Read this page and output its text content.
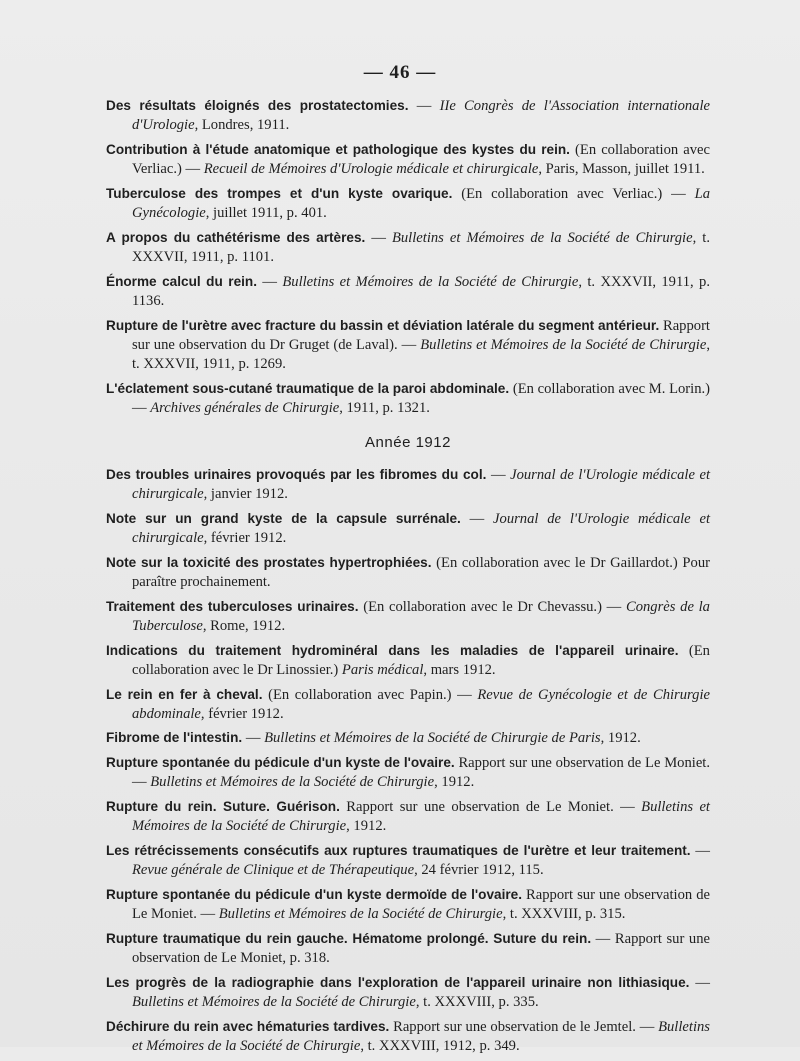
— 46 —

Des résultats éloignés des prostatectomies. — IIe Congrès de l'Association internationale d'Urologie, Londres, 1911.

Contribution à l'étude anatomique et pathologique des kystes du rein. (En collaboration avec Verliac.) — Recueil de Mémoires d'Urologie médicale et chirurgicale, Paris, Masson, juillet 1911.

Tuberculose des trompes et d'un kyste ovarique. (En collaboration avec Verliac.) — La Gynécologie, juillet 1911, p. 401.

A propos du cathétérisme des artères. — Bulletins et Mémoires de la Société de Chirurgie, t. XXXVII, 1911, p. 1101.

Énorme calcul du rein. — Bulletins et Mémoires de la Société de Chirurgie, t. XXXVII, 1911, p. 1136.

Rupture de l'urètre avec fracture du bassin et déviation latérale du segment antérieur. Rapport sur une observation du Dr Gruget (de Laval). — Bulletins et Mémoires de la Société de Chirurgie, t. XXXVII, 1911, p. 1269.

L'éclatement sous-cutané traumatique de la paroi abdominale. (En collaboration avec M. Lorin.) — Archives générales de Chirurgie, 1911, p. 1321.

Année 1912

Des troubles urinaires provoqués par les fibromes du col. — Journal de l'Urologie médicale et chirurgicale, janvier 1912.

Note sur un grand kyste de la capsule surrénale. — Journal de l'Urologie médicale et chirurgicale, février 1912.

Note sur la toxicité des prostates hypertrophiées. (En collaboration avec le Dr Gaillardot.) Pour paraître prochainement.

Traitement des tuberculoses urinaires. (En collaboration avec le Dr Chevassu.) — Congrès de la Tuberculose, Rome, 1912.

Indications du traitement hydrominéral dans les maladies de l'appareil urinaire. (En collaboration avec le Dr Linossier.) Paris médical, mars 1912.

Le rein en fer à cheval. (En collaboration avec Papin.) — Revue de Gynécologie et de Chirurgie abdominale, février 1912.

Fibrome de l'intestin. — Bulletins et Mémoires de la Société de Chirurgie de Paris, 1912.

Rupture spontanée du pédicule d'un kyste de l'ovaire. Rapport sur une observation de Le Moniet. — Bulletins et Mémoires de la Société de Chirurgie, 1912.

Rupture du rein. Suture. Guérison. Rapport sur une observation de Le Moniet. — Bulletins et Mémoires de la Société de Chirurgie, 1912.

Les rétrécissements consécutifs aux ruptures traumatiques de l'urètre et leur traitement. — Revue générale de Clinique et de Thérapeutique, 24 février 1912, 115.

Rupture spontanée du pédicule d'un kyste dermoïde de l'ovaire. Rapport sur une observation de Le Moniet. — Bulletins et Mémoires de la Société de Chirurgie, t. XXXVIII, p. 315.

Rupture traumatique du rein gauche. Hématome prolongé. Suture du rein. — Rapport sur une observation de Le Moniet, p. 318.

Les progrès de la radiographie dans l'exploration de l'appareil urinaire non lithiasique. — Bulletins et Mémoires de la Société de Chirurgie, t. XXXVIII, p. 335.

Déchirure du rein avec hématuries tardives. Rapport sur une observation de le Jemtel. — Bulletins et Mémoires de la Société de Chirurgie, t. XXXVIII, 1912, p. 349.
